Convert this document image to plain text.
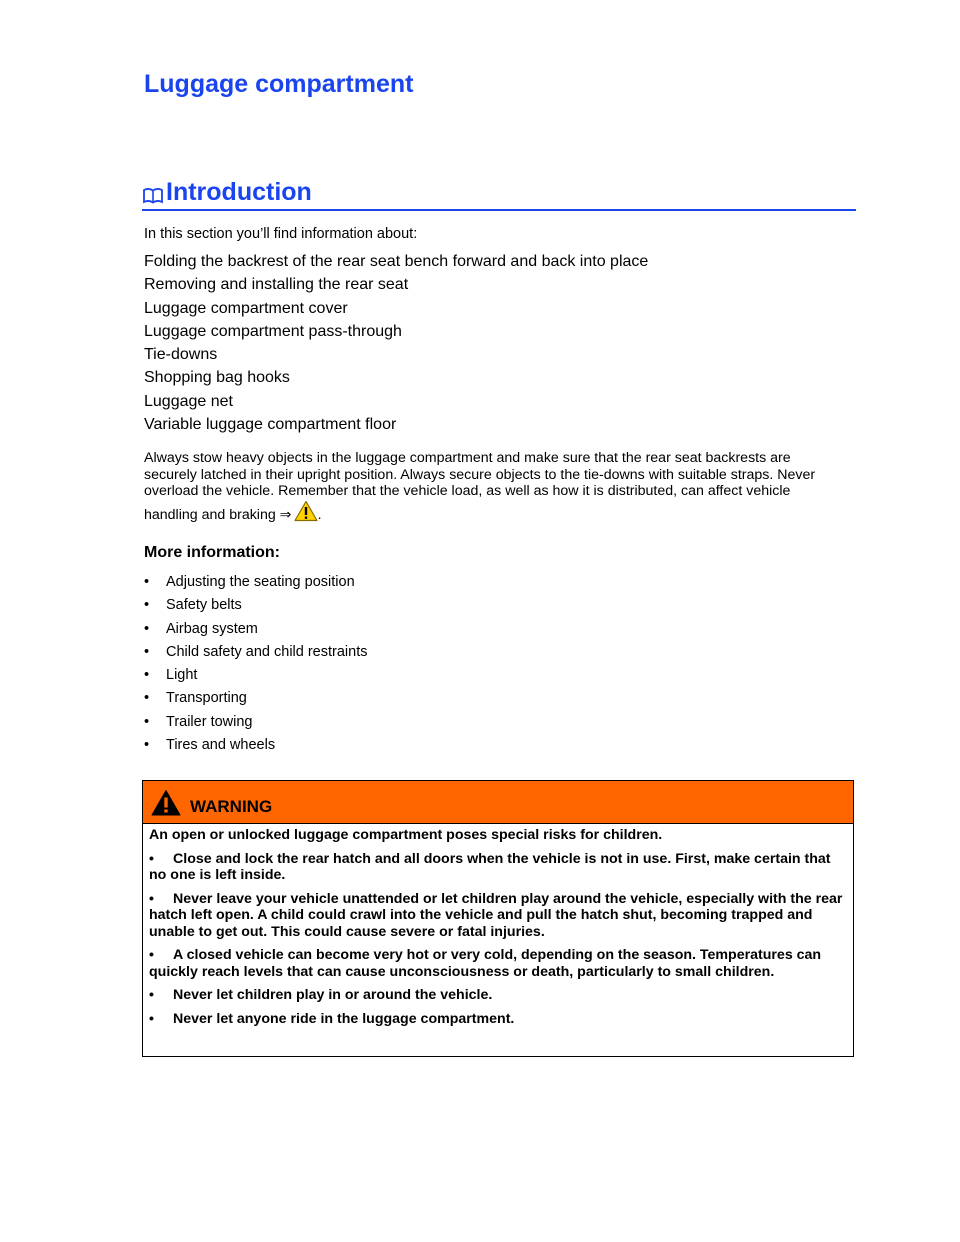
Luggage compartment
Introduction
In this section you’ll find information about:
Folding the backrest of the rear seat bench forward and back into place
Removing and installing the rear seat
Luggage compartment cover
Luggage compartment pass-through
Tie-downs
Shopping bag hooks
Luggage net
Variable luggage compartment floor

Always stow heavy objects in the luggage compartment and make sure that the rear seat backrests are securely latched in their upright position. Always secure objects to the tie-downs with suitable straps. Never overload the vehicle. Remember that the vehicle load, as well as how it is distributed, can affect vehicle handling and braking ⇒ .

More information:
• Adjusting the seating position
• Safety belts
• Airbag system
• Child safety and child restraints
• Light
• Transporting
• Trailer towing
• Tires and wheels
WARNING

An open or unlocked luggage compartment poses special risks for children.

• Close and lock the rear hatch and all doors when the vehicle is not in use. First, make certain that no one is left inside.

• Never leave your vehicle unattended or let children play around the vehicle, especially with the rear hatch left open. A child could crawl into the vehicle and pull the hatch shut, becoming trapped and unable to get out. This could cause severe or fatal injuries.

• A closed vehicle can become very hot or very cold, depending on the season. Temperatures can quickly reach levels that can cause unconsciousness or death, particularly to small children.

• Never let children play in or around the vehicle.

• Never let anyone ride in the luggage compartment.
